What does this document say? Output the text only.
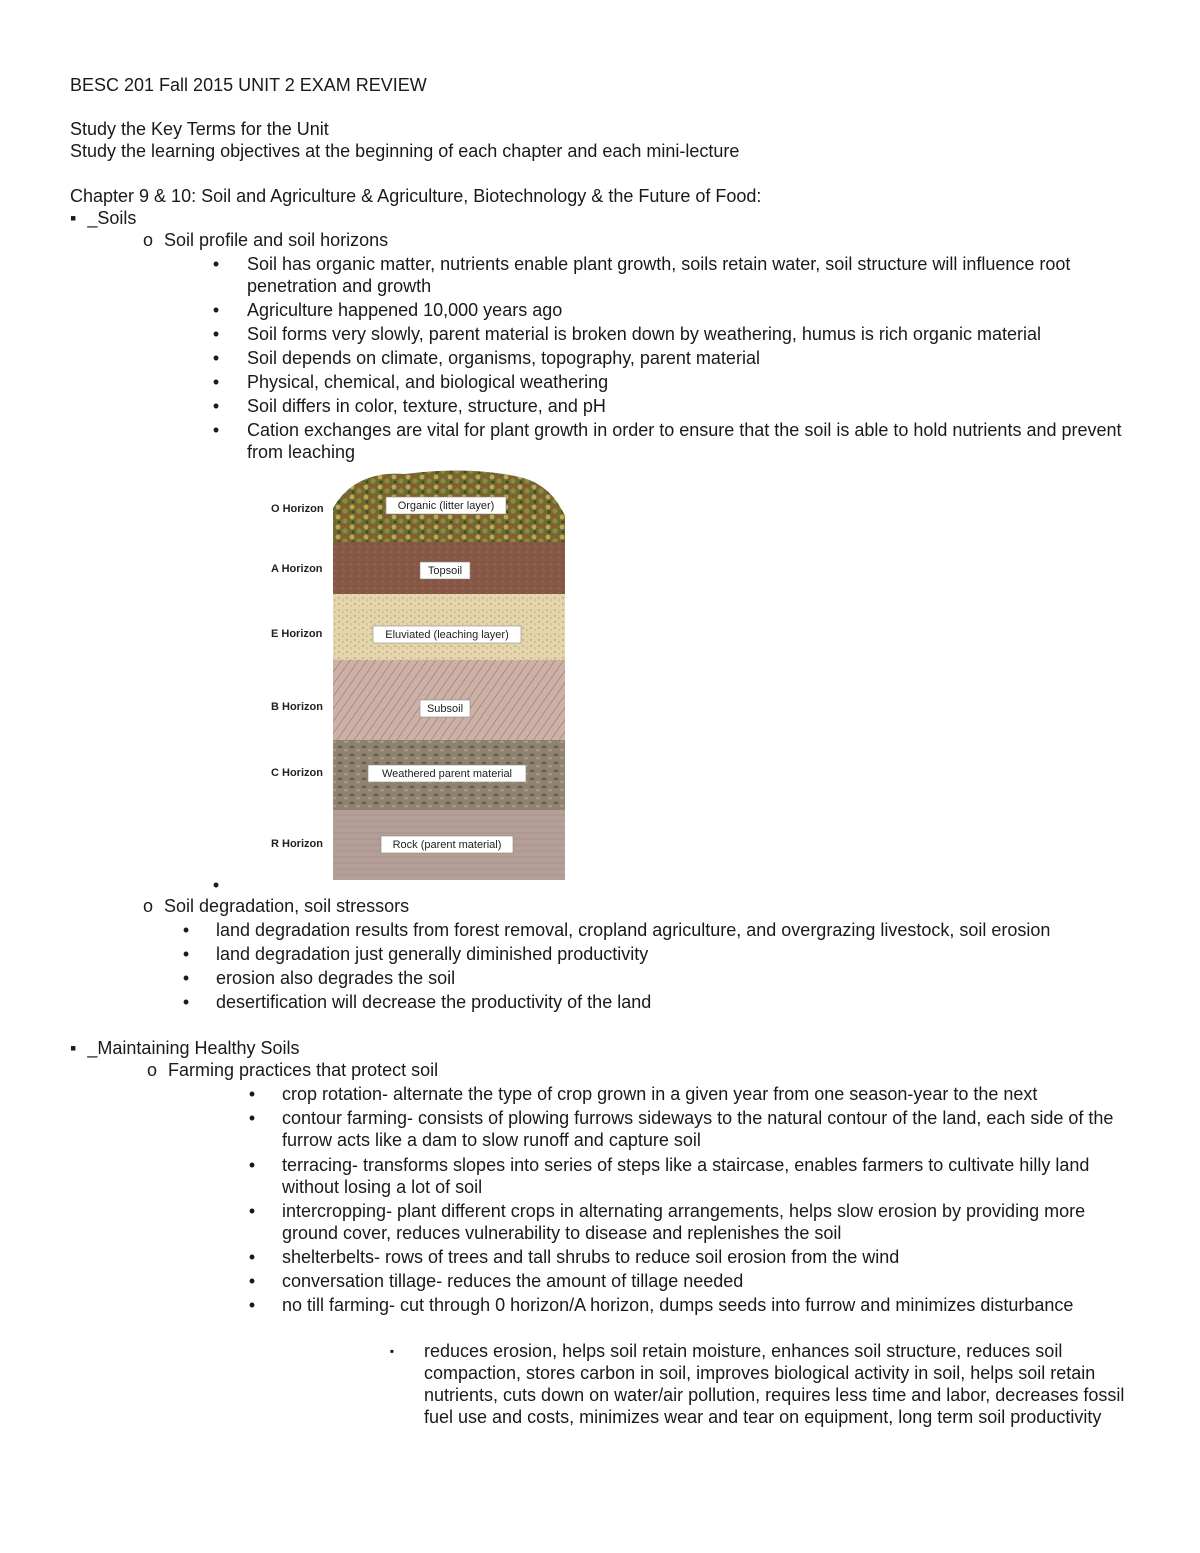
BESC 201 Fall 2015 UNIT 2 EXAM REVIEW
Study the Key Terms for the Unit
Study the learning objectives at the beginning of each chapter and each mini-lecture
Chapter 9 & 10: Soil and Agriculture & Agriculture, Biotechnology & the Future of Food:
▪ _Soils
o Soil profile and soil horizons
• Soil has organic matter, nutrients enable plant growth, soils retain water, soil structure will influence root penetration and growth
• Agriculture happened 10,000 years ago
• Soil forms very slowly, parent material is broken down by weathering, humus is rich organic material
• Soil depends on climate, organisms, topography, parent material
• Physical, chemical, and biological weathering
• Soil differs in color, texture, structure, and pH
• Cation exchanges are vital for plant growth in order to ensure that the soil is able to hold nutrients and prevent from leaching
O Horizon
A Horizon
E Horizon
B Horizon
C Horizon
R Horizon
Organic (litter layer)
Topsoil
Eluviated (leaching layer)
Subsoil
Weathered parent material
Rock (parent material)
•
o Soil degradation, soil stressors
• land degradation results from forest removal, cropland agriculture, and overgrazing livestock, soil erosion
• land degradation just generally diminished productivity
• erosion also degrades the soil
• desertification will decrease the productivity of the land
▪ _Maintaining Healthy Soils
o Farming practices that protect soil
• crop rotation- alternate the type of crop grown in a given year from one season-year to the next
• contour farming- consists of plowing furrows sideways to the natural contour of the land, each side of the furrow acts like a dam to slow runoff and capture soil
• terracing- transforms slopes into series of steps like a staircase, enables farmers to cultivate hilly land without losing a lot of soil
• intercropping- plant different crops in alternating arrangements, helps slow erosion by providing more ground cover, reduces vulnerability to disease and replenishes the soil
• shelterbelts- rows of trees and tall shrubs to reduce soil erosion from the wind
• conversation tillage- reduces the amount of tillage needed
• no till farming- cut through 0 horizon/A horizon, dumps seeds into furrow and minimizes disturbance
▪ reduces erosion, helps soil retain moisture, enhances soil structure, reduces soil compaction, stores carbon in soil, improves biological activity in soil, helps soil retain nutrients, cuts down on water/air pollution, requires less time and labor, decreases fossil fuel use and costs, minimizes wear and tear on equipment, long term soil productivity
